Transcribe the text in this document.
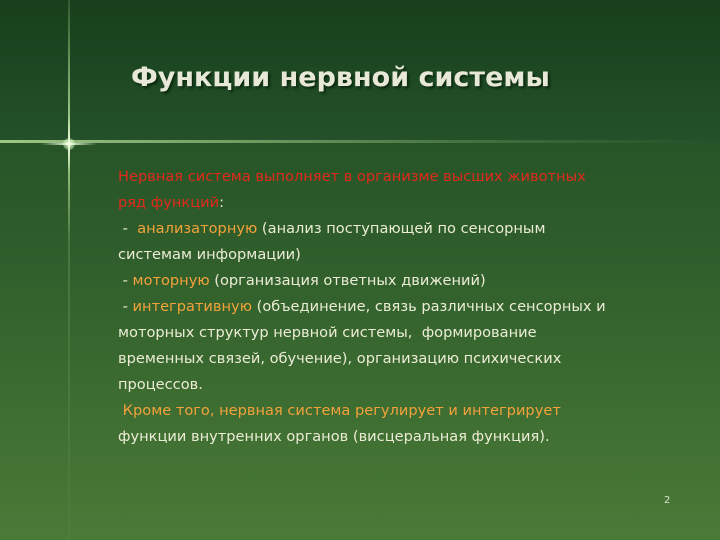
Функции нервной системы
Нервная система выполняет в организме высших животных
ряд функций:
-  анализаторную (анализ поступающей по сенсорным
системам информации)
- моторную (организация ответных движений)
- интегративную (объединение, связь различных сенсорных и
моторных структур нервной системы,  формирование
временных связей, обучение), организацию психических
процессов.
Кроме того, нервная система регулирует и интегрирует
функции внутренних органов (висцеральная функция).
2
